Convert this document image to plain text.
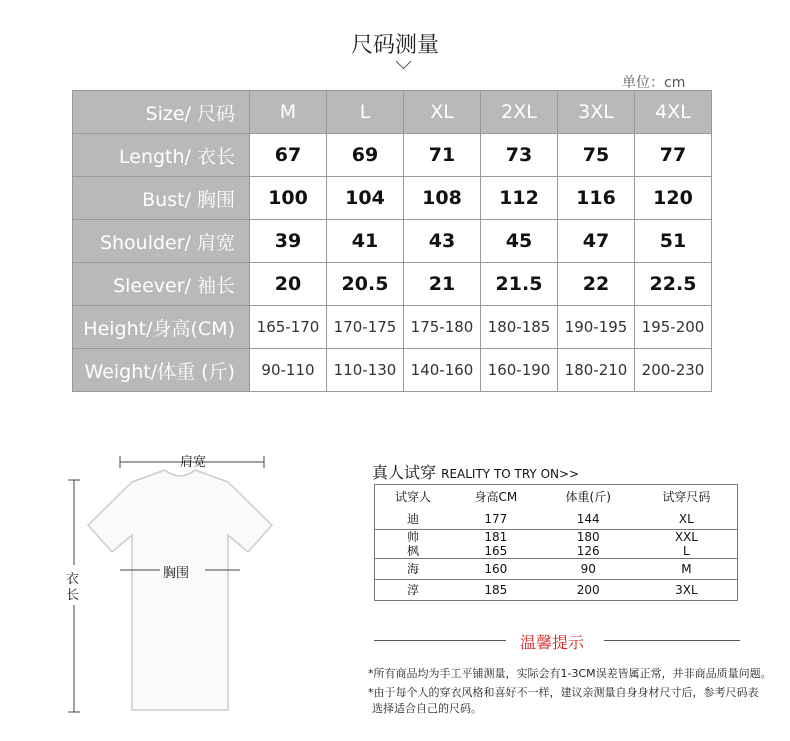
尺码测量
单位：cm
Size/ 尺码	M	L	XL	2XL	3XL	4XL
Length/ 衣长	67	69	71	73	75	77
Bust/ 胸围	100	104	108	112	116	120
Shoulder/ 肩宽	39	41	43	45	47	51
Sleever/ 袖长	20	20.5	21	21.5	22	22.5
Height/身高(CM)	165-170	170-175	175-180	180-185	190-195	195-200
Weight/体重 (斤)	90-110	110-130	140-160	160-190	180-210	200-230
肩宽
胸围
衣长
真人试穿 REALITY TO TRY ON>>
试穿人	身高CM	体重(斤)	试穿尺码
迪	177	144	XL
帅	181	180	XXL
枫	165	126	L
海	160	90	M
淳	185	200	3XL
温馨提示
*所有商品均为手工平铺测量，实际会有1-3CM误差皆属正常，并非商品质量问题。
*由于每个人的穿衣风格和喜好不一样，建议亲测量自身身材尺寸后，参考尺码表
选择适合自己的尺码。
